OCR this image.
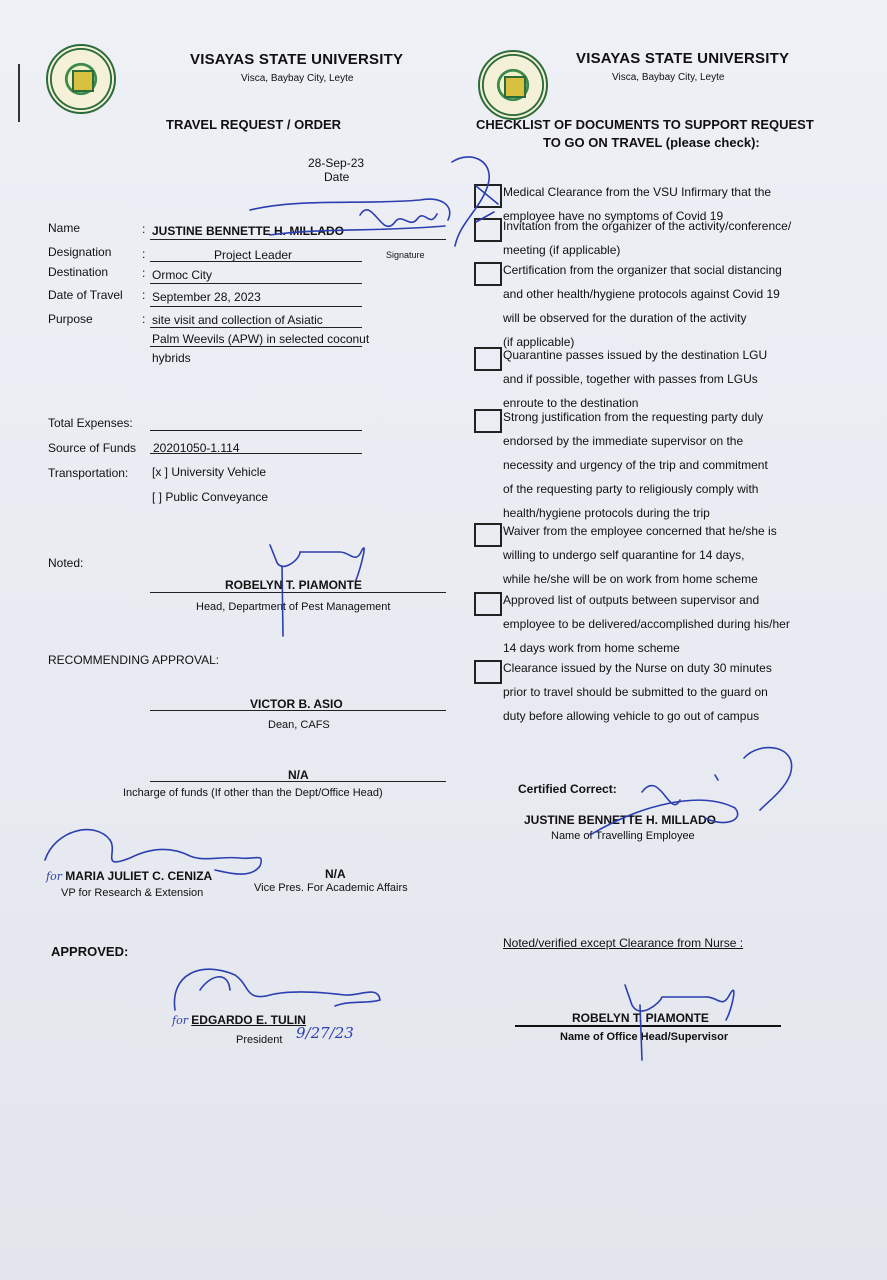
VISAYAS STATE UNIVERSITY
Visca, Baybay City, Leyte
TRAVEL REQUEST / ORDER
28-Sep-23
Date
Name	: JUSTINE BENNETTE H. MILLADO
Designation	:	Project Leader	Signature
Destination	: Ormoc City
Date of Travel : September 28, 2023
Purpose	: site visit and collection of Asiatic
Palm Weevils (APW) in selected coconut
hybrids
Total Expenses:
Source of Funds 20201050-1.114
Transportation: [x ] University Vehicle
[ ] Public Conveyance
Noted:
ROBELYN T. PIAMONTE
Head, Department of Pest Management
RECOMMENDING APPROVAL:
VICTOR B. ASIO
Dean, CAFS
N/A
Incharge of funds (If other than the Dept/Office Head)
for MARIA JULIET C. CENIZA
VP for Research & Extension
N/A
Vice Pres. For Academic Affairs
APPROVED:
for EDGARDO E. TULIN
President 9/27/23
VISAYAS STATE UNIVERSITY
Visca, Baybay City, Leyte
CHECKLIST OF DOCUMENTS TO SUPPORT REQUEST
TO GO ON TRAVEL (please check):
Medical Clearance from the VSU Infirmary that the
employee have no symptoms of Covid 19
Invitation from the organizer of the activity/conference/
meeting (if applicable)
Certification from the organizer that social distancing
and other health/hygiene protocols against Covid 19
will be observed for the duration of the activity
(if applicable)
Quarantine passes issued by the destination LGU
and if possible, together with passes from LGUs
enroute to the destination
Strong justification from the requesting party duly
endorsed by the immediate supervisor on the
necessity and urgency of the trip and commitment
of the requesting party to religiously comply with
health/hygiene protocols during the trip
Waiver from the employee concerned that he/she is
willing to undergo self quarantine for 14 days,
while he/she will be on work from home scheme
Approved list of outputs between supervisor and
employee to be delivered/accomplished during his/her
14 days work from home scheme
Clearance issued by the Nurse on duty 30 minutes
prior to travel should be submitted to the guard on
duty before allowing vehicle to go out of campus
Certified Correct:
JUSTINE BENNETTE H. MILLADO
Name of Travelling Employee
Noted/verified except Clearance from Nurse :
ROBELYN T. PIAMONTE
Name of Office Head/Supervisor
